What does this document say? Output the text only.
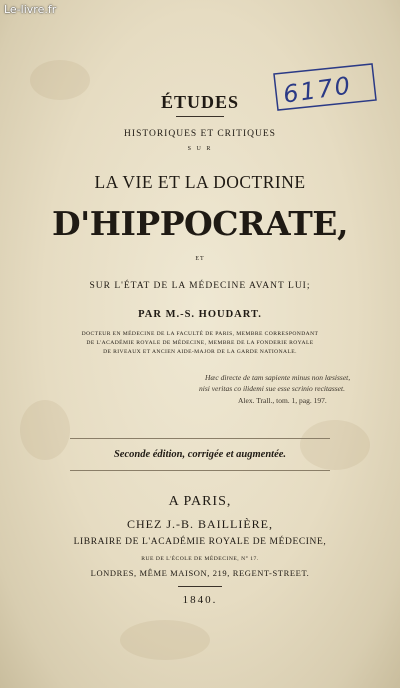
Le-livre.fr
6170
ÉTUDES
HISTORIQUES ET CRITIQUES
S U R
LA VIE ET LA DOCTRINE
D'HIPPOCRATE,
ET
SUR L'ÉTAT DE LA MÉDECINE AVANT LUI;
PAR M.-S. HOUDART.
DOCTEUR EN MÉDECINE DE LA FACULTÉ DE PARIS, MEMBRE CORRESPONDANT
DE L'ACADÉMIE ROYALE DE MÉDECINE, MEMBRE DE LA FONDERIE ROYALE
DE RIVEAUX ET ANCIEN AIDE-MAJOR DE LA GARDE NATIONALE.
Hæc directe de tam sapiente minus non læsisset,
nisi veritas co ilidemi sue esse scrinio recitasset.
Alex. Trall., tom. 1, pag. 197.
Seconde édition, corrigée et augmentée.
A PARIS,
CHEZ J.-B. BAILLIÈRE,
LIBRAIRE DE L'ACADÉMIE ROYALE DE MÉDECINE,
RUE DE L'ÉCOLE DE MÉDECINE, N° 17.
LONDRES, MÊME MAISON, 219, REGENT-STREET.
1840.
